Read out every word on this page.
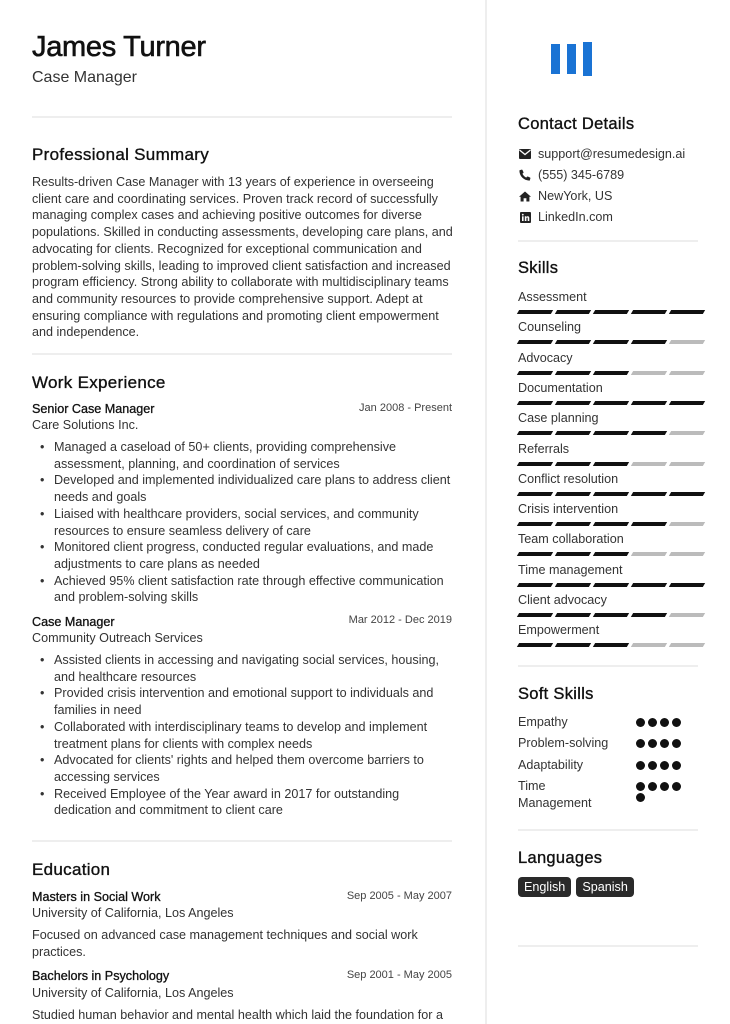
James Turner
Case Manager
Professional Summary
Results-driven Case Manager with 13 years of experience in overseeing client care and coordinating services. Proven track record of successfully managing complex cases and achieving positive outcomes for diverse populations. Skilled in conducting assessments, developing care plans, and advocating for clients. Recognized for exceptional communication and problem-solving skills, leading to improved client satisfaction and increased program efficiency. Strong ability to collaborate with multidisciplinary teams and community resources to provide comprehensive support. Adept at ensuring compliance with regulations and promoting client empowerment and independence.
Work Experience
Senior Case Manager	Jan 2008 - Present
Care Solutions Inc.
• Managed a caseload of 50+ clients, providing comprehensive assessment, planning, and coordination of services
• Developed and implemented individualized care plans to address client needs and goals
• Liaised with healthcare providers, social services, and community resources to ensure seamless delivery of care
• Monitored client progress, conducted regular evaluations, and made adjustments to care plans as needed
• Achieved 95% client satisfaction rate through effective communication and problem-solving skills
Case Manager	Mar 2012 - Dec 2019
Community Outreach Services
• Assisted clients in accessing and navigating social services, housing, and healthcare resources
• Provided crisis intervention and emotional support to individuals and families in need
• Collaborated with interdisciplinary teams to develop and implement treatment plans for clients with complex needs
• Advocated for clients' rights and helped them overcome barriers to accessing services
• Received Employee of the Year award in 2017 for outstanding dedication and commitment to client care
Education
Masters in Social Work	Sep 2005 - May 2007
University of California, Los Angeles
Focused on advanced case management techniques and social work practices.
Bachelors in Psychology	Sep 2001 - May 2005
University of California, Los Angeles
Studied human behavior and mental health which laid the foundation for a
Contact Details
support@resumedesign.ai
(555) 345-6789
NewYork, US
LinkedIn.com
Skills
Assessment
Counseling
Advocacy
Documentation
Case planning
Referrals
Conflict resolution
Crisis intervention
Team collaboration
Time management
Client advocacy
Empowerment
Soft Skills
Empathy
Problem-solving
Adaptability
Time Management
Languages
English	Spanish
